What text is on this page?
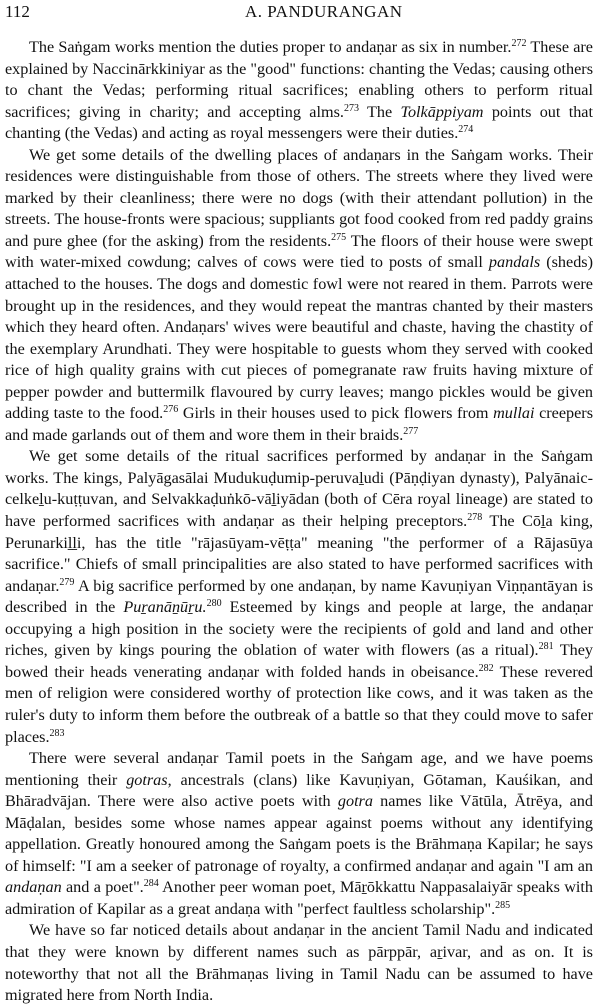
112	A. PANDURANGAN

The Saṅgam works mention the duties proper to andaṇar as six in number.$^{272}$ These are explained by Naccinārkkiniyar as the "good" functions: chanting the Vedas; causing others to chant the Vedas; performing ritual sacrifices; enabling others to perform ritual sacrifices; giving in charity; and accepting alms.$^{273}$ The Tolkāppiyam points out that chanting (the Vedas) and acting as royal messengers were their duties.$^{274}$

We get some details of the dwelling places of andaṇars in the Saṅgam works. Their residences were distinguishable from those of others. The streets where they lived were marked by their cleanliness; there were no dogs (with their attendant pollution) in the streets. The house-fronts were spacious; suppliants got food cooked from red paddy grains and pure ghee (for the asking) from the residents.$^{275}$ The floors of their house were swept with water-mixed cowdung; calves of cows were tied to posts of small pandals (sheds) attached to the houses. The dogs and domestic fowl were not reared in them. Parrots were brought up in the residences, and they would repeat the mantras chanted by their masters which they heard often. Andaṇars' wives were beautiful and chaste, having the chastity of the exemplary Arundhati. They were hospitable to guests whom they served with cooked rice of high quality grains with cut pieces of pomegranate raw fruits having mixture of pepper powder and buttermilk flavoured by curry leaves; mango pickles would be given adding taste to the food.$^{276}$ Girls in their houses used to pick flowers from mullai creepers and made garlands out of them and wore them in their braids.$^{277}$

We get some details of the ritual sacrifices performed by andaṇar in the Saṅgam works. The kings, Palyāgasālai Mudukuḍumip-peruvaḻudi (Pāṇḍiyan dynasty), Palyānaic-celkeḻu-kuṭṭuvan, and Selvakkaḍuṅkō-vāḻiyādan (both of Cēra royal lineage) are stated to have performed sacrifices with andaṇar as their helping preceptors.$^{278}$ The Cōḻa king, Perunarkiḻḻi, has the title "rājasūyam-vēṭṭa" meaning "the performer of a Rājasūya sacrifice." Chiefs of small principalities are also stated to have performed sacrifices with andaṇar.$^{279}$ A big sacrifice performed by one andaṇan, by name Kavuṇiyan Viṇṇantāyan is described in the Puṟanāṉūṟu.$^{280}$ Esteemed by kings and people at large, the andaṇar occupying a high position in the society were the recipients of gold and land and other riches, given by kings pouring the oblation of water with flowers (as a ritual).$^{281}$ They bowed their heads venerating andaṇar with folded hands in obeisance.$^{282}$ These revered men of religion were considered worthy of protection like cows, and it was taken as the ruler's duty to inform them before the outbreak of a battle so that they could move to safer places.$^{283}$

There were several andaṇar Tamil poets in the Saṅgam age, and we have poems mentioning their gotras, ancestrals (clans) like Kavuṇiyan, Gōtaman, Kauśikan, and Bhāradvājan. There were also active poets with gotra names like Vātūla, Ātrēya, and Māḍalan, besides some whose names appear against poems without any identifying appellation. Greatly honoured among the Saṅgam poets is the Brāhmaṇa Kapilar; he says of himself: "I am a seeker of patronage of royalty, a confirmed andaṇar and again "I am an andaṇan and a poet".$^{284}$ Another peer woman poet, Māṟōkkattu Nappasalaiyār speaks with admiration of Kapilar as a great andaṇa with "perfect faultless scholarship".$^{285}$

We have so far noticed details about andaṇar in the ancient Tamil Nadu and indicated that they were known by different names such as pārppār, aṟivar, and as on. It is noteworthy that not all the Brāhmaṇas living in Tamil Nadu can be assumed to have migrated here from North India.
